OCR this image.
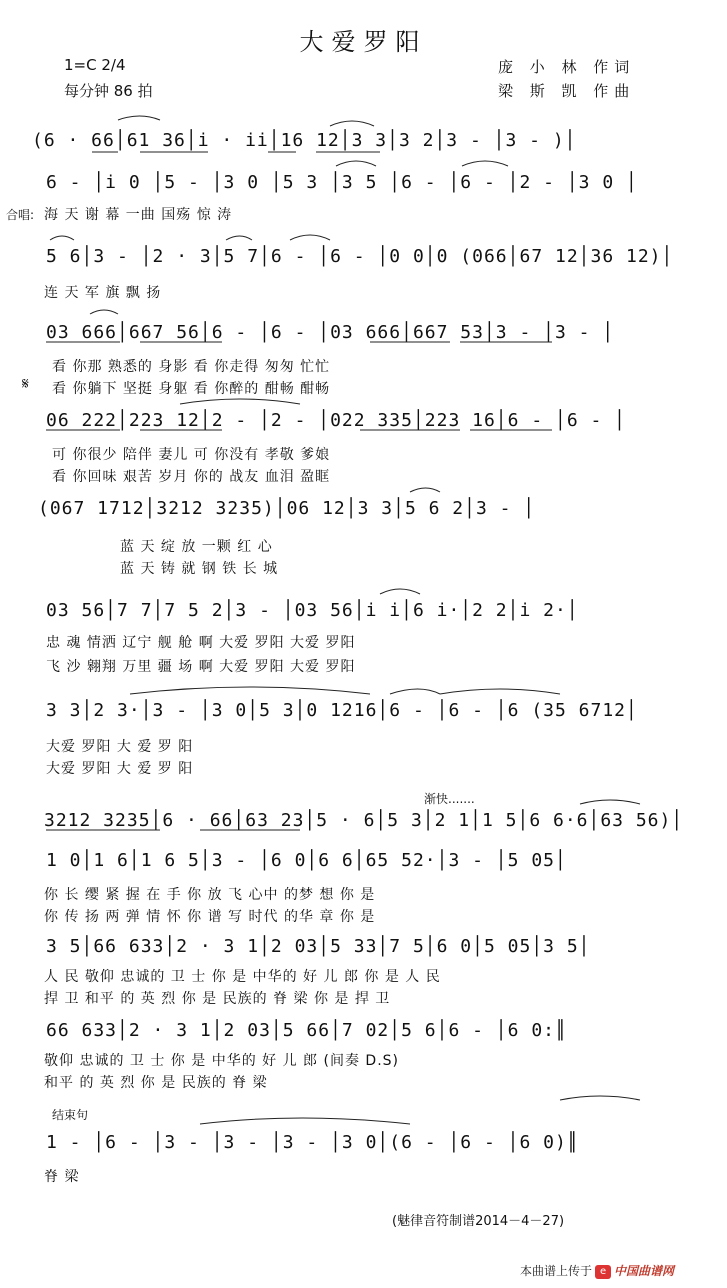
大爱罗阳
1=C 2/4
每分钟 86 拍
庞 小 林 作词
梁 斯 凯 作曲
(6 · 66│61 36│i · ii│16 12│3 3│3 2│3 - │3 - )│
6 - │i 0 │5 - │3 0 │5 3 │3 5 │6 - │6 - │2 - │3 0 │
合唱: 海 天 谢 幕 一曲 国殇 惊 涛
5 6│3 - │2 · 3│5 7│6 - │6 - │0 0│0 (066│67 12│36 12)│
连 天 军 旗 飘 扬
03 666│667 56│6 - │6 - │03 666│667 53│3 - │3 - │
看 你那 熟悉的 身影 看 你走得 匆匆 忙忙
𝄋 看 你躺下 坚挺 身躯 看 你醉的 酣畅 酣畅
06 222│223 12│2 - │2 - │022 335│223 16│6 - │6 - │
可 你很少 陪伴 妻儿 可 你没有 孝敬 爹娘
看 你回味 艰苦 岁月 你的 战友 血泪 盈眶
(067 1712│3212 3235)│06 12│3 3│5 6 2│3 - │
蓝 天 绽 放 一颗 红 心
蓝 天 铸 就 钢 铁 长 城
03 56│7 7│7 5 2│3 - │03 56│i i│6 i·│2 2│i 2·│
忠 魂 情洒 辽宁 舰 舱 啊 大爱 罗阳 大爱 罗阳
飞 沙 翱翔 万里 疆 场 啊 大爱 罗阳 大爱 罗阳
3 3│2 3·│3 - │3 0│5 3│0 1216│6 - │6 - │6 (35 6712│
大爱 罗阳 大 爱 罗 阳
大爱 罗阳 大 爱 罗 阳
渐快.......
3212 3235│6 · 66│63 23│5 · 6│5 3│2 1│1 5│6 6·6│63 56)│
1 0│1 6│1 6 5│3 - │6 0│6 6│65 52·│3 - │5 05│
你 长 缨 紧 握 在 手 你 放 飞 心中 的梦 想 你 是
你 传 扬 两 弹 情 怀 你 谱 写 时代 的华 章 你 是
3 5│66 633│2 · 3 1│2 03│5 33│7 5│6 0│5 05│3 5│
人 民 敬仰 忠诚的 卫 士 你 是 中华的 好 儿 郎 你 是 人 民
捍 卫 和平 的 英 烈 你 是 民族的 脊 梁 你 是 捍 卫
66 633│2 · 3 1│2 03│5 66│7 02│5 6│6 - │6 0:║
敬仰 忠诚的 卫 士 你 是 中华的 好 儿 郎 (间奏 D.S)
和平 的 英 烈 你 是 民族的 脊 梁
结束句
1 - │6 - │3 - │3 - │3 - │3 0│(6 - │6 - │6 0)║
脊 梁
(魅律音符制谱2014－4－27)
本曲谱上传于 e 中国曲谱网
